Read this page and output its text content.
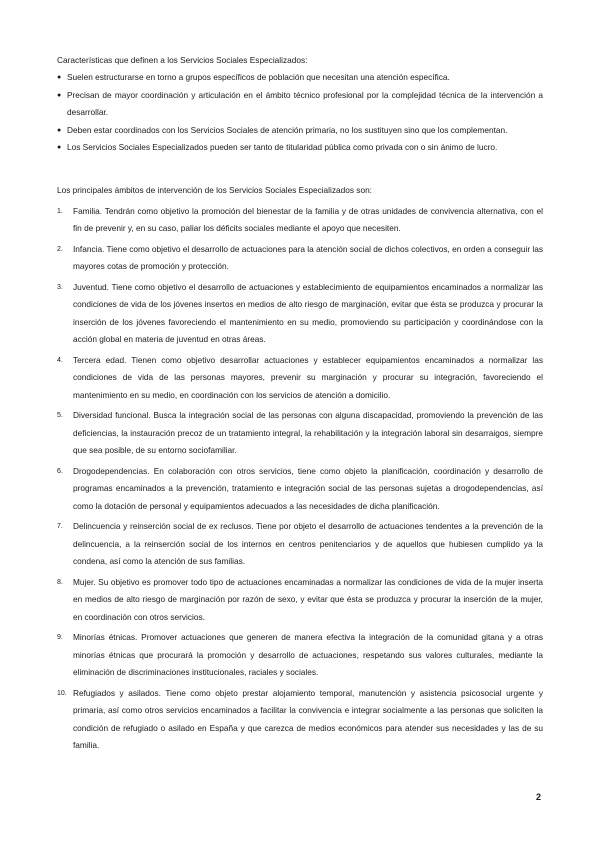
Características que definen a los Servicios Sociales Especializados:

● Suelen estructurarse en torno a grupos específicos de población que necesitan una atención específica.
● Precisan de mayor coordinación y articulación en el ámbito técnico profesional por la complejidad técnica de la intervención a desarrollar.
● Deben estar coordinados con los Servicios Sociales de atención primaria, no los sustituyen sino que los complementan.
● Los Servicios Sociales Especializados pueden ser tanto de titularidad pública como privada con o sin ánimo de lucro.

Los principales ámbitos de intervención de los Servicios Sociales Especializados son:

1. Familia. Tendrán como objetivo la promoción del bienestar de la familia y de otras unidades de convivencia alternativa, con el fin de prevenir y, en su caso, paliar los déficits sociales mediante el apoyo que necesiten.
2. Infancia. Tiene como objetivo el desarrollo de actuaciones para la atención social de dichos colectivos, en orden a conseguir las mayores cotas de promoción y protección.
3. Juventud. Tiene como objetivo el desarrollo de actuaciones y establecimiento de equipamientos encaminados a normalizar las condiciones de vida de los jóvenes insertos en medios de alto riesgo de marginación, evitar que ésta se produzca y procurar la inserción de los jóvenes favoreciendo el mantenimiento en su medio, promoviendo su participación y coordinándose con la acción global en materia de juventud en otras áreas.
4. Tercera edad. Tienen como objetivo desarrollar actuaciones y establecer equipamientos encaminados a normalizar las condiciones de vida de las personas mayores, prevenir su marginación y procurar su integración, favoreciendo el mantenimiento en su medio, en coordinación con los servicios de atención a domicilio.
5. Diversidad funcional. Busca la integración social de las personas con alguna discapacidad, promoviendo la prevención de las deficiencias, la instauración precoz de un tratamiento integral, la rehabilitación y la integración laboral sin desarraigos, siempre que sea posible, de su entorno sociofamiliar.
6. Drogodependencias. En colaboración con otros servicios, tiene como objeto la planificación, coordinación y desarrollo de programas encaminados a la prevención, tratamiento e integración social de las personas sujetas a drogodependencias, así como la dotación de personal y equipamientos adecuados a las necesidades de dicha planificación.
7. Delincuencia y reinserción social de ex reclusos. Tiene por objeto el desarrollo de actuaciones tendentes a la prevención de la delincuencia, a la reinserción social de los internos en centros penitenciarios y de aquellos que hubiesen cumplido ya la condena, así como la atención de sus familias.
8. Mujer. Su objetivo es promover todo tipo de actuaciones encaminadas a normalizar las condiciones de vida de la mujer inserta en medios de alto riesgo de marginación por razón de sexo, y evitar que ésta se produzca y procurar la inserción de la mujer, en coordinación con otros servicios.
9. Minorías étnicas. Promover actuaciones que generen de manera efectiva la integración de la comunidad gitana y a otras minorías étnicas que procurará la promoción y desarrollo de actuaciones, respetando sus valores culturales, mediante la eliminación de discriminaciones institucionales, raciales y sociales.
10. Refugiados y asilados. Tiene como objeto prestar alojamiento temporal, manutención y asistencia psicosocial urgente y primaria, así como otros servicios encaminados a facilitar la convivencia e integrar socialmente a las personas que soliciten la condición de refugiado o asilado en España y que carezca de medios económicos para atender sus necesidades y las de su familia.
2
